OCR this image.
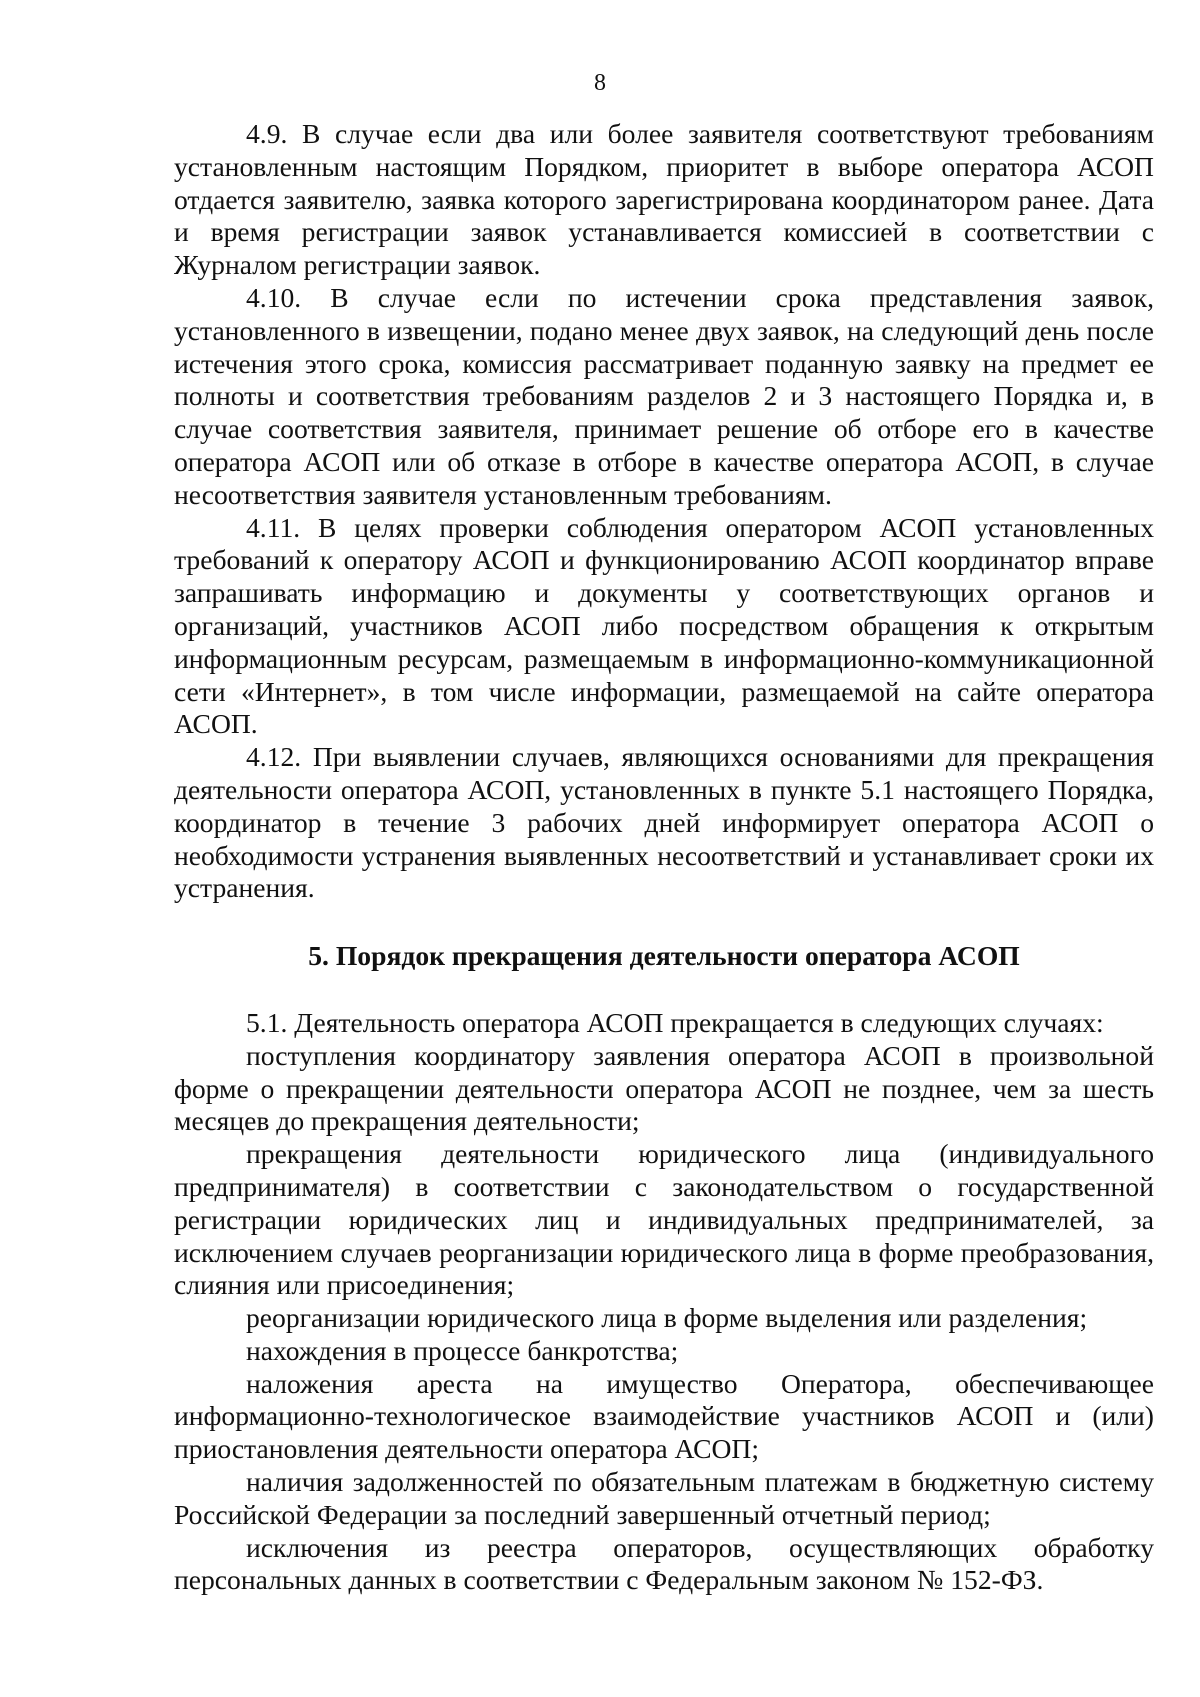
8

4.9. В случае если два или более заявителя соответствуют требованиям установленным настоящим Порядком, приоритет в выборе оператора АСОП отдается заявителю, заявка которого зарегистрирована координатором ранее. Дата и время регистрации заявок устанавливается комиссией в соответствии с Журналом регистрации заявок.

4.10. В случае если по истечении срока представления заявок, установленного в извещении, подано менее двух заявок, на следующий день после истечения этого срока, комиссия рассматривает поданную заявку на предмет ее полноты и соответствия требованиям разделов 2 и 3 настоящего Порядка и, в случае соответствия заявителя, принимает решение об отборе его в качестве оператора АСОП или об отказе в отборе в качестве оператора АСОП, в случае несоответствия заявителя установленным требованиям.

4.11. В целях проверки соблюдения оператором АСОП установленных требований к оператору АСОП и функционированию АСОП координатор вправе запрашивать информацию и документы у соответствующих органов и организаций, участников АСОП либо посредством обращения к открытым информационным ресурсам, размещаемым в информационно-коммуникационной сети «Интернет», в том числе информации, размещаемой на сайте оператора АСОП.

4.12. При выявлении случаев, являющихся основаниями для прекращения деятельности оператора АСОП, установленных в пункте 5.1 настоящего Порядка, координатор в течение 3 рабочих дней информирует оператора АСОП о необходимости устранения выявленных несоответствий и устанавливает сроки их устранения.

5. Порядок прекращения деятельности оператора АСОП

5.1. Деятельность оператора АСОП прекращается в следующих случаях:

поступления координатору заявления оператора АСОП в произвольной форме о прекращении деятельности оператора АСОП не позднее, чем за шесть месяцев до прекращения деятельности;

прекращения деятельности юридического лица (индивидуального предпринимателя) в соответствии с законодательством о государственной регистрации юридических лиц и индивидуальных предпринимателей, за исключением случаев реорганизации юридического лица в форме преобразования, слияния или присоединения;

реорганизации юридического лица в форме выделения или разделения;

нахождения в процессе банкротства;

наложения ареста на имущество Оператора, обеспечивающее информационно-технологическое взаимодействие участников АСОП и (или) приостановления деятельности оператора АСОП;

наличия задолженностей по обязательным платежам в бюджетную систему Российской Федерации за последний завершенный отчетный период;

исключения из реестра операторов, осуществляющих обработку персональных данных в соответствии с Федеральным законом № 152-ФЗ.
